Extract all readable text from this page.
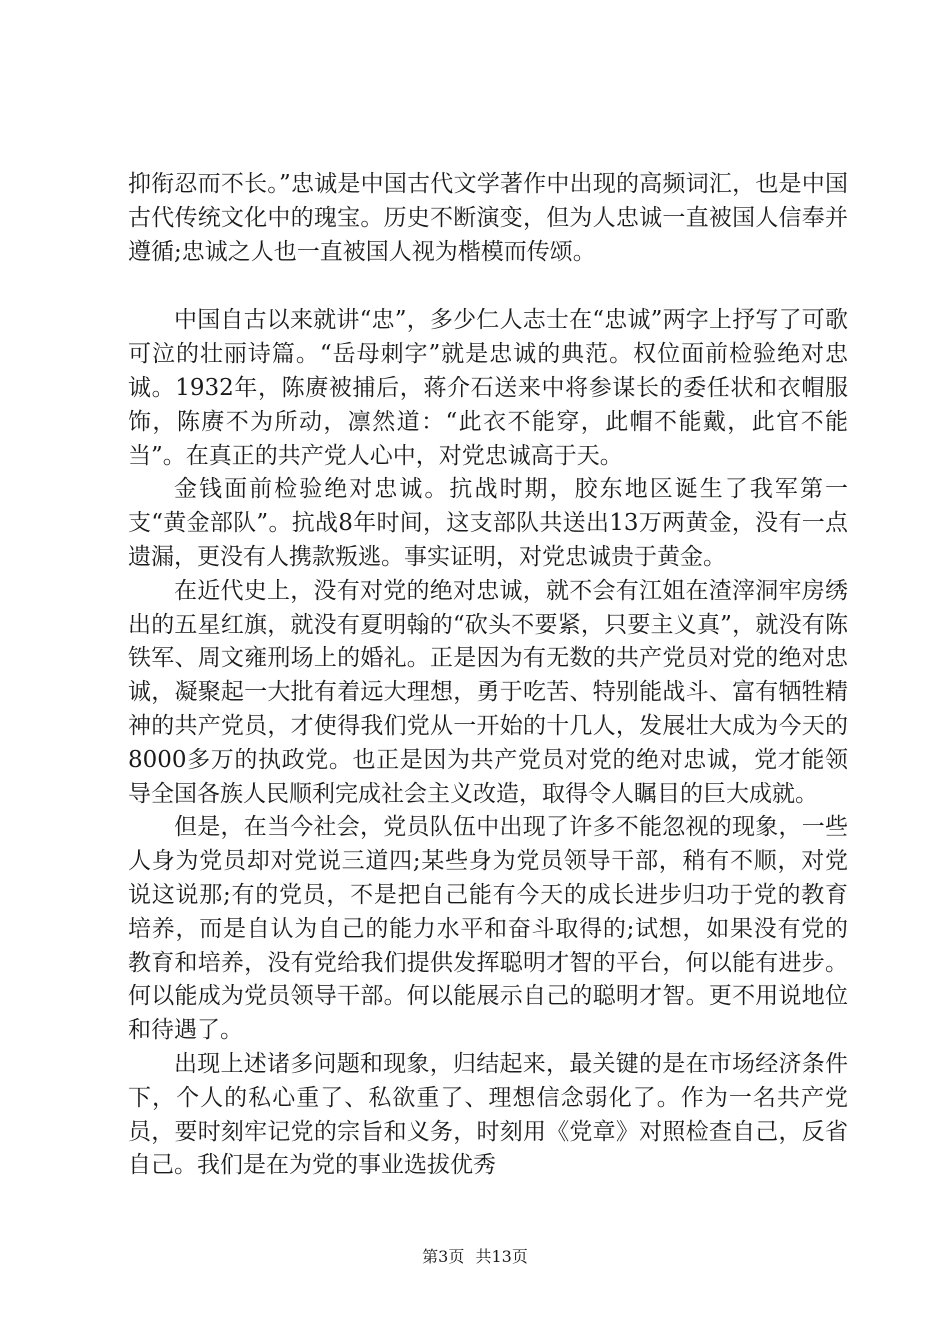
抑衔忍而不长。”忠诚是中国古代文学著作中出现的高频词汇，也是中国古代传统文化中的瑰宝。历史不断演变，但为人忠诚一直被国人信奉并遵循;忠诚之人也一直被国人视为楷模而传颂。

中国自古以来就讲“忠”，多少仁人志士在“忠诚”两字上抒写了可歌可泣的壮丽诗篇。“岳母刺字”就是忠诚的典范。权位面前检验绝对忠诚。1932年，陈赓被捕后，蒋介石送来中将参谋长的委任状和衣帽服饰，陈赓不为所动，凛然道：“此衣不能穿，此帽不能戴，此官不能当”。在真正的共产党人心中，对党忠诚高于天。

金钱面前检验绝对忠诚。抗战时期，胶东地区诞生了我军第一支“黄金部队”。抗战8年时间，这支部队共送出13万两黄金，没有一点遗漏，更没有人携款叛逃。事实证明，对党忠诚贵于黄金。

在近代史上，没有对党的绝对忠诚，就不会有江姐在渣滓洞牢房绣出的五星红旗，就没有夏明翰的“砍头不要紧，只要主义真”，就没有陈铁军、周文雍刑场上的婚礼。正是因为有无数的共产党员对党的绝对忠诚，凝聚起一大批有着远大理想，勇于吃苦、特别能战斗、富有牺牲精神的共产党员，才使得我们党从一开始的十几人，发展壮大成为今天的8000多万的执政党。也正是因为共产党员对党的绝对忠诚，党才能领导全国各族人民顺利完成社会主义改造，取得令人瞩目的巨大成就。

但是，在当今社会，党员队伍中出现了许多不能忽视的现象，一些人身为党员却对党说三道四;某些身为党员领导干部，稍有不顺，对党说这说那;有的党员，不是把自己能有今天的成长进步归功于党的教育培养，而是自认为自己的能力水平和奋斗取得的;试想，如果没有党的教育和培养，没有党给我们提供发挥聪明才智的平台，何以能有进步。何以能成为党员领导干部。何以能展示自己的聪明才智。更不用说地位和待遇了。

出现上述诸多问题和现象，归结起来，最关键的是在市场经济条件下，个人的私心重了、私欲重了、理想信念弱化了。作为一名共产党员，要时刻牢记党的宗旨和义务，时刻用《党章》对照检查自己，反省自己。我们是在为党的事业选拔优秀

第3页 共13页
